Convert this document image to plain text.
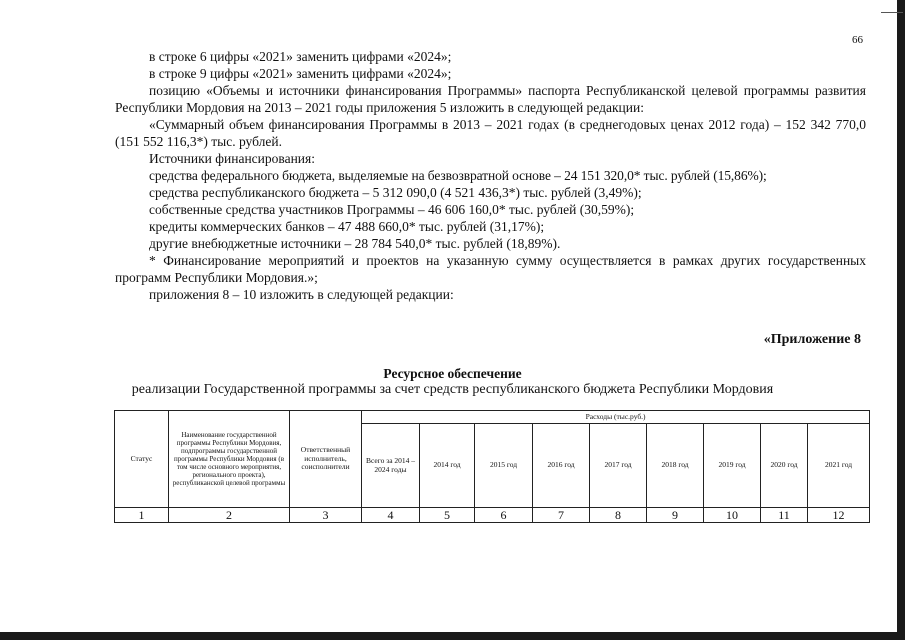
66

в строке 6 цифры «2021» заменить цифрами «2024»;

в строке 9 цифры «2021» заменить цифрами «2024»;

позицию «Объемы и источники финансирования Программы» паспорта Республиканской целевой программы развития Республики Мордовия на 2013 – 2021 годы приложения 5 изложить в следующей редакции:

«Суммарный объем финансирования Программы в 2013 – 2021 годах (в среднегодовых ценах 2012 года) – 152 342 770,0 (151 552 116,3*) тыс. рублей.

Источники финансирования:

средства федерального бюджета, выделяемые на безвозвратной основе – 24 151 320,0* тыс. рублей (15,86%);

средства республиканского бюджета – 5 312 090,0 (4 521 436,3*) тыс. рублей (3,49%);

собственные средства участников Программы – 46 606 160,0* тыс. рублей (30,59%);

кредиты коммерческих банков – 47 488 660,0* тыс. рублей (31,17%);

другие внебюджетные источники – 28 784 540,0* тыс. рублей (18,89%).

* Финансирование мероприятий и проектов на указанную сумму осуществляется в рамках других государственных программ Республики Мордовия.»;

приложения 8 – 10 изложить в следующей редакции:

«Приложение 8
Ресурсное обеспечение
реализации Государственной программы за счет средств республиканского бюджета Республики Мордовия
Статус	Наименование государственной программы Республики Мордовия, подпрограммы государственной программы Республики Мордовия (в том числе основного мероприятия, регионального проекта), республиканской целевой программы	Ответственный исполнитель, соисполнители	Расходы (тыс.руб.)								
			Всего за 2014 – 2024 годы	2014 год	2015 год	2016 год	2017 год	2018 год	2019 год	2020 год	2021 год
1	2	3	4	5	6	7	8	9	10	11	12
